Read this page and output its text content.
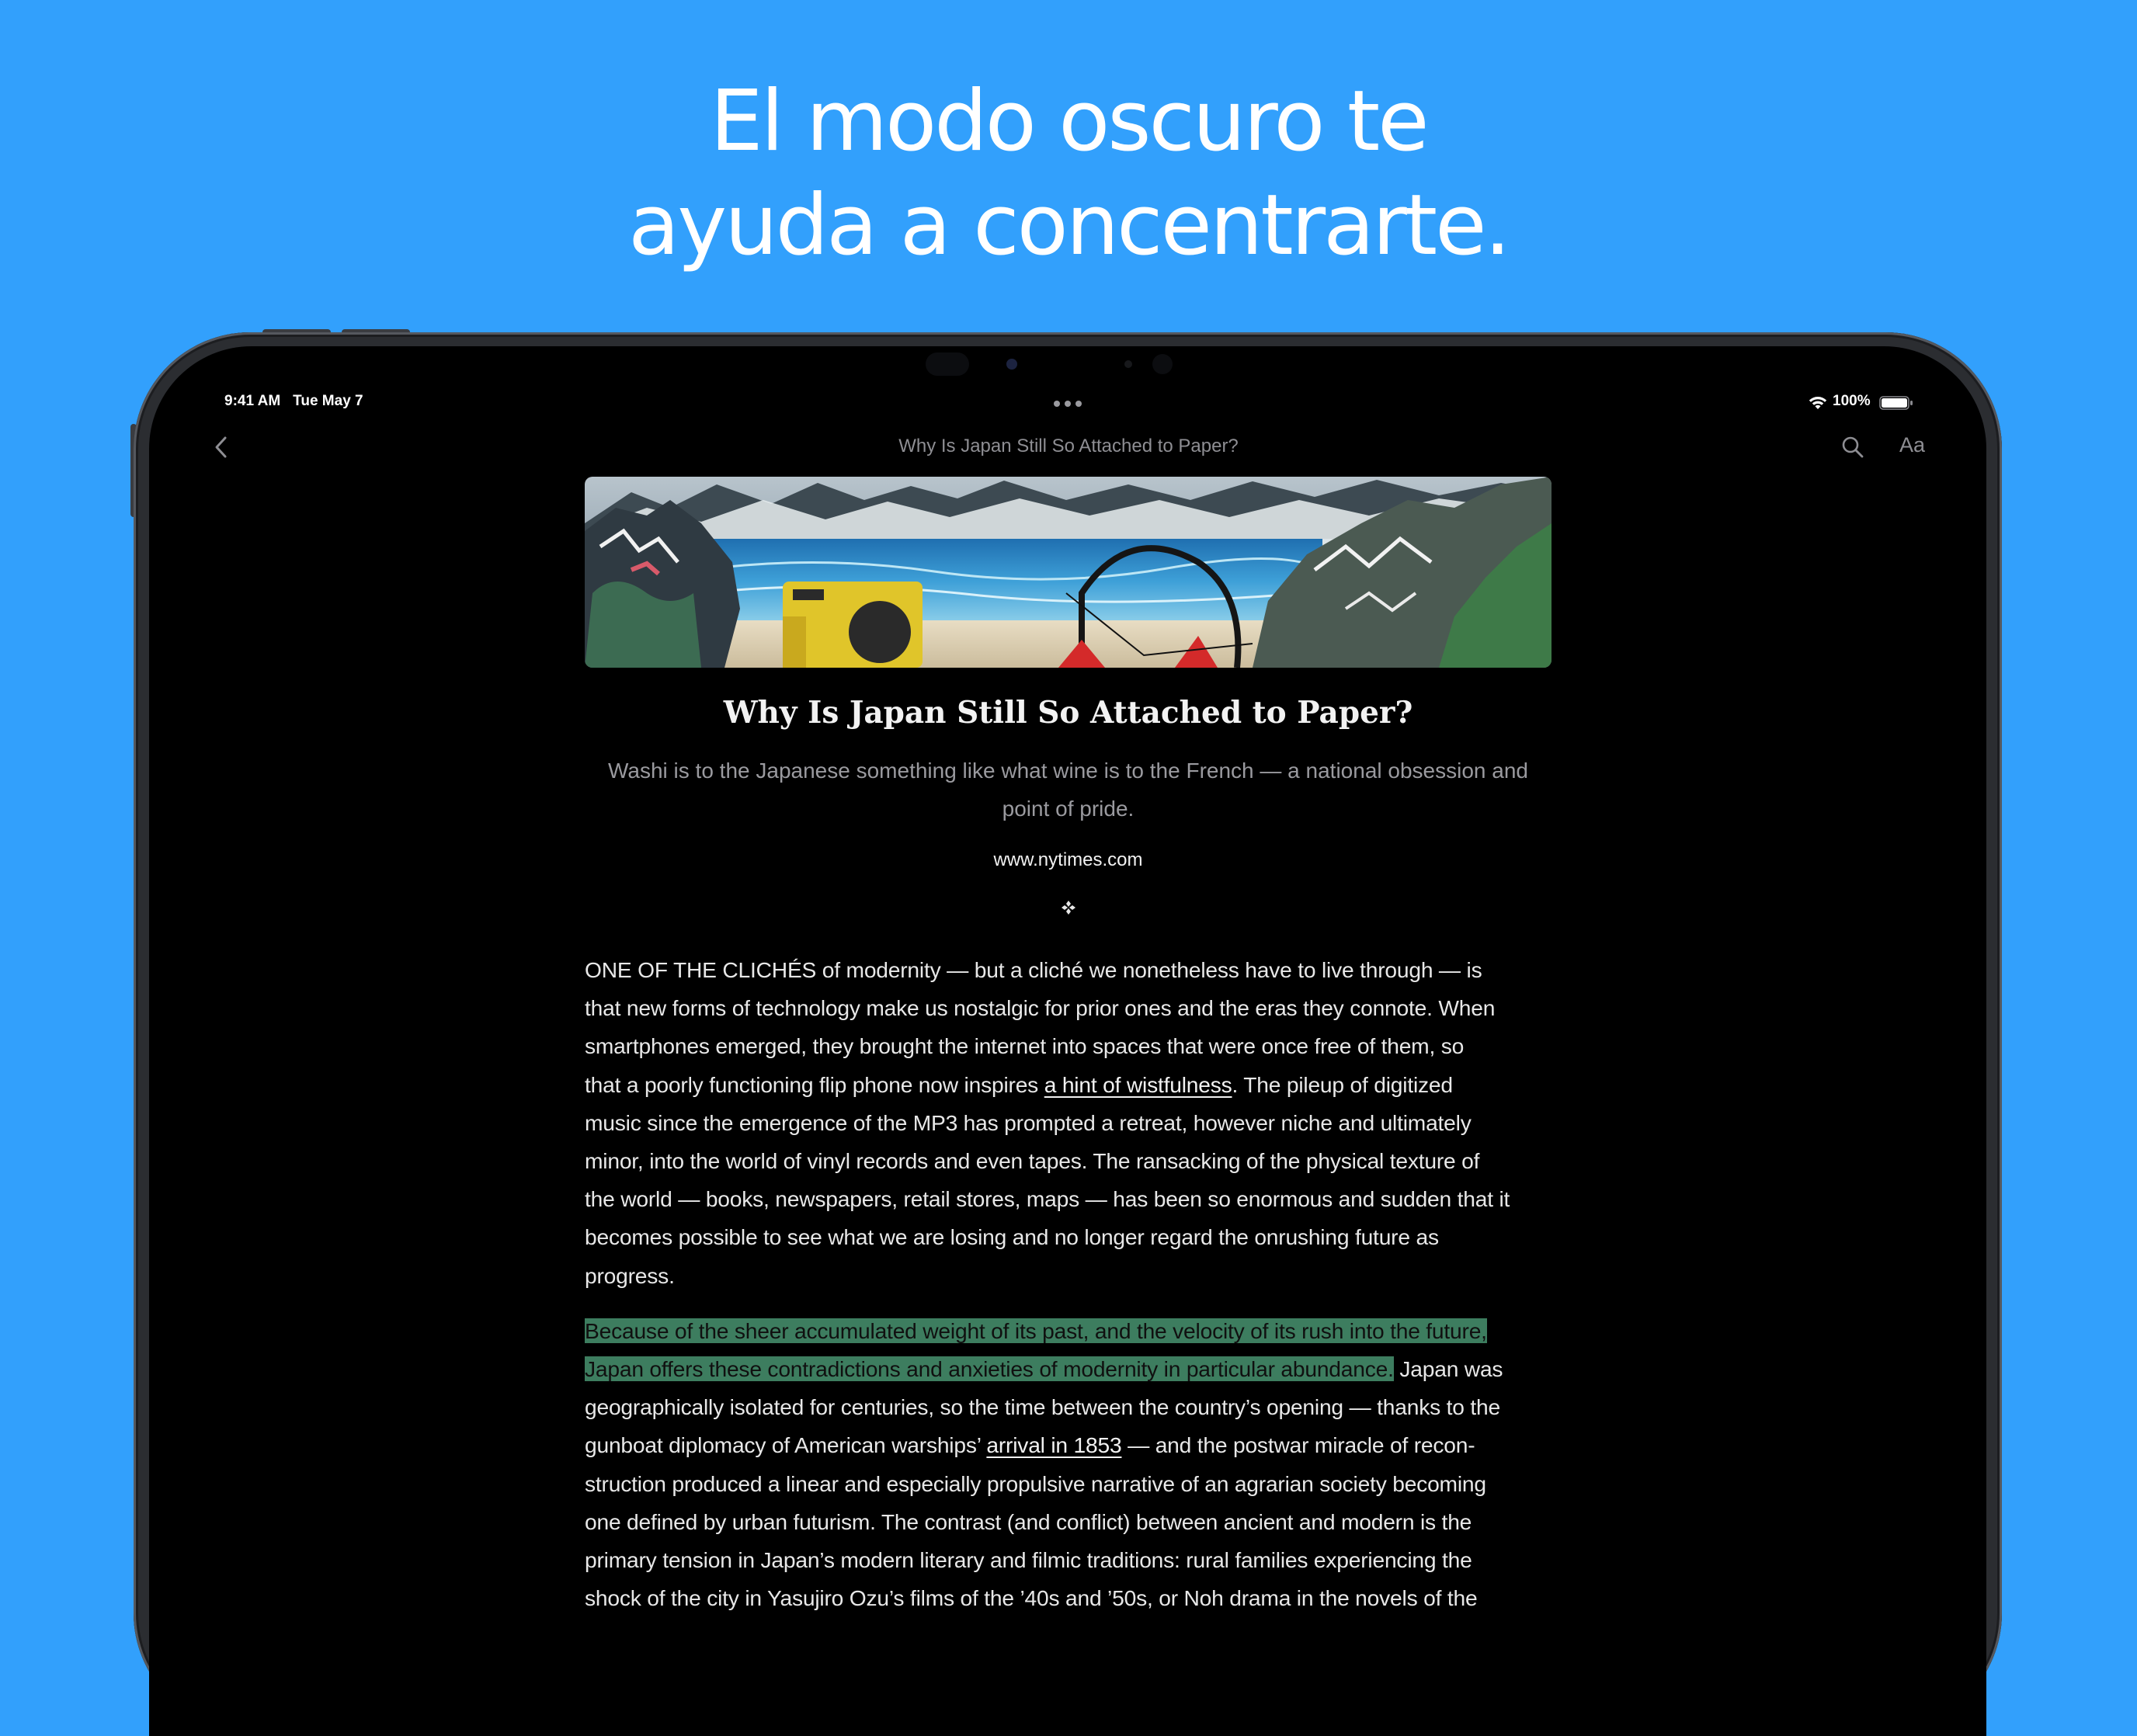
El modo oscuro te
ayuda a concentrarte.
9:41 AM Tue May 7	100%
Why Is Japan Still So Attached to Paper?	Aa
Why Is Japan Still So Attached to Paper?
Washi is to the Japanese something like what wine is to the French — a national obsession and
point of pride.
www.nytimes.com

ONE OF THE CLICHÉS of modernity — but a cliché we nonetheless have to live through — is
that new forms of technology make us nostalgic for prior ones and the eras they connote. When
smartphones emerged, they brought the internet into spaces that were once free of them, so
that a poorly functioning flip phone now inspires a hint of wistfulness. The pileup of digitized
music since the emergence of the MP3 has prompted a retreat, however niche and ultimately
minor, into the world of vinyl records and even tapes. The ransacking of the physical texture of
the world — books, newspapers, retail stores, maps — has been so enormous and sudden that it
becomes possible to see what we are losing and no longer regard the onrushing future as
progress.

Because of the sheer accumulated weight of its past, and the velocity of its rush into the future,
Japan offers these contradictions and anxieties of modernity in particular abundance. Japan was
geographically isolated for centuries, so the time between the country’s opening — thanks to the
gunboat diplomacy of American warships’ arrival in 1853 — and the postwar miracle of recon-
struction produced a linear and especially propulsive narrative of an agrarian society becoming
one defined by urban futurism. The contrast (and conflict) between ancient and modern is the
primary tension in Japan’s modern literary and filmic traditions: rural families experiencing the
shock of the city in Yasujiro Ozu’s films of the ’40s and ’50s, or Noh drama in the novels of the
